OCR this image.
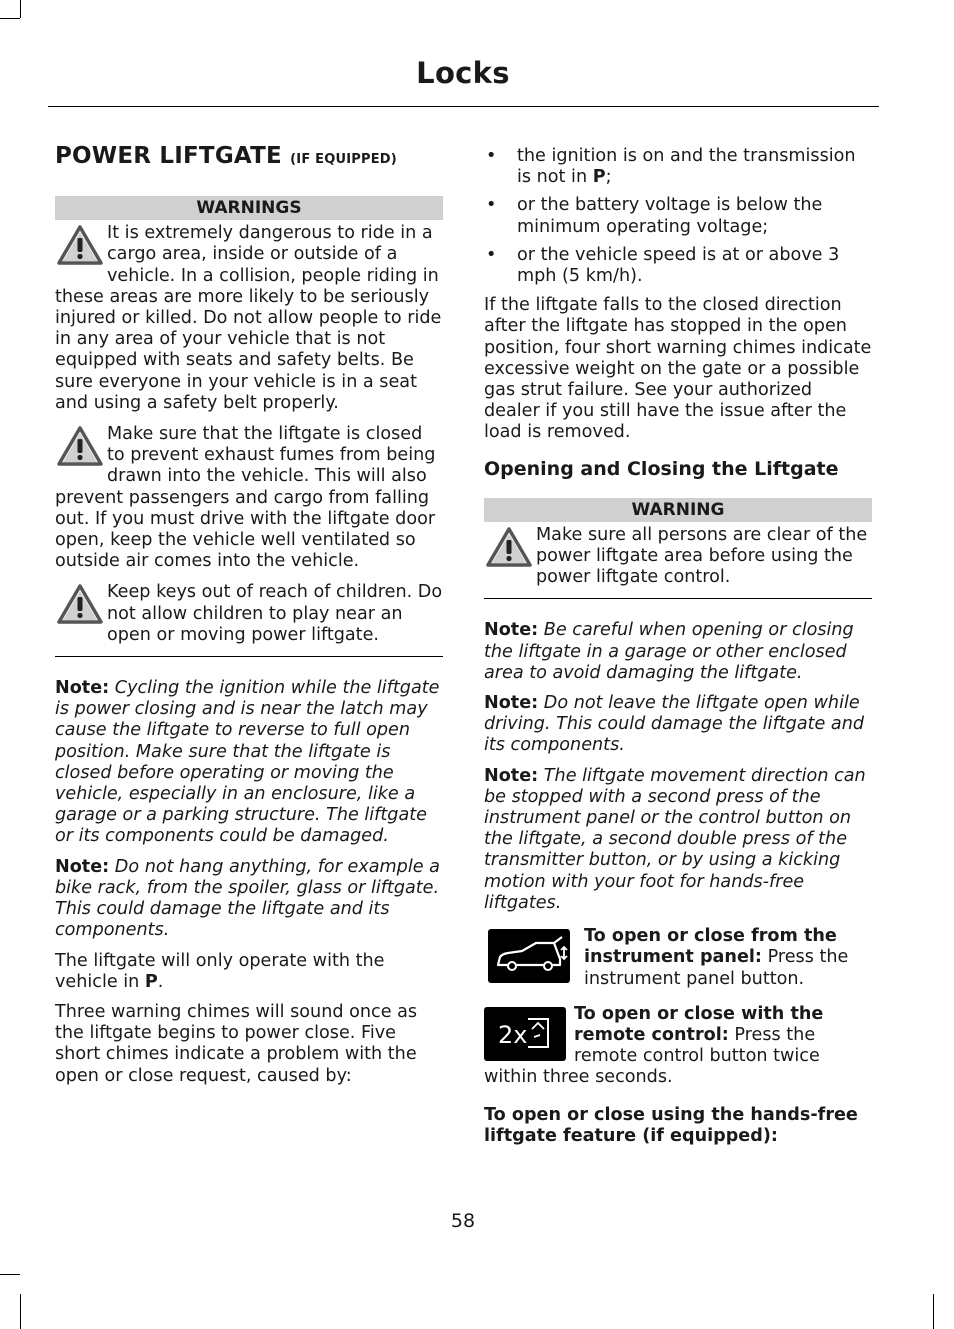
Locks
POWER LIFTGATE (IF EQUIPPED)
WARNINGS
It is extremely dangerous to ride in a cargo area, inside or outside of a vehicle. In a collision, people riding in these areas are more likely to be seriously injured or killed. Do not allow people to ride in any area of your vehicle that is not equipped with seats and safety belts. Be sure everyone in your vehicle is in a seat and using a safety belt properly.
Make sure that the liftgate is closed to prevent exhaust fumes from being drawn into the vehicle. This will also prevent passengers and cargo from falling out. If you must drive with the liftgate door open, keep the vehicle well ventilated so outside air comes into the vehicle.
Keep keys out of reach of children. Do not allow children to play near an open or moving power liftgate.

Note: Cycling the ignition while the liftgate is power closing and is near the latch may cause the liftgate to reverse to full open position. Make sure that the liftgate is closed before operating or moving the vehicle, especially in an enclosure, like a garage or a parking structure. The liftgate or its components could be damaged.

Note: Do not hang anything, for example a bike rack, from the spoiler, glass or liftgate. This could damage the liftgate and its components.

The liftgate will only operate with the vehicle in P.

Three warning chimes will sound once as the liftgate begins to power close. Five short chimes indicate a problem with the open or close request, caused by:

• the ignition is on and the transmission is not in P;
• or the battery voltage is below the minimum operating voltage;
• or the vehicle speed is at or above 3 mph (5 km/h).

If the liftgate falls to the closed direction after the liftgate has stopped in the open position, four short warning chimes indicate excessive weight on the gate or a possible gas strut failure. See your authorized dealer if you still have the issue after the load is removed.

Opening and Closing the Liftgate
WARNING
Make sure all persons are clear of the power liftgate area before using the power liftgate control.

Note: Be careful when opening or closing the liftgate in a garage or other enclosed area to avoid damaging the liftgate.

Note: Do not leave the liftgate open while driving. This could damage the liftgate and its components.

Note: The liftgate movement direction can be stopped with a second press of the instrument panel or the control button on the liftgate, a second double press of the transmitter button, or by using a kicking motion with your foot for hands-free liftgates.

To open or close from the instrument panel: Press the instrument panel button.
2x
To open or close with the remote control: Press the remote control button twice within three seconds.
To open or close using the hands-free liftgate feature (if equipped):
58
